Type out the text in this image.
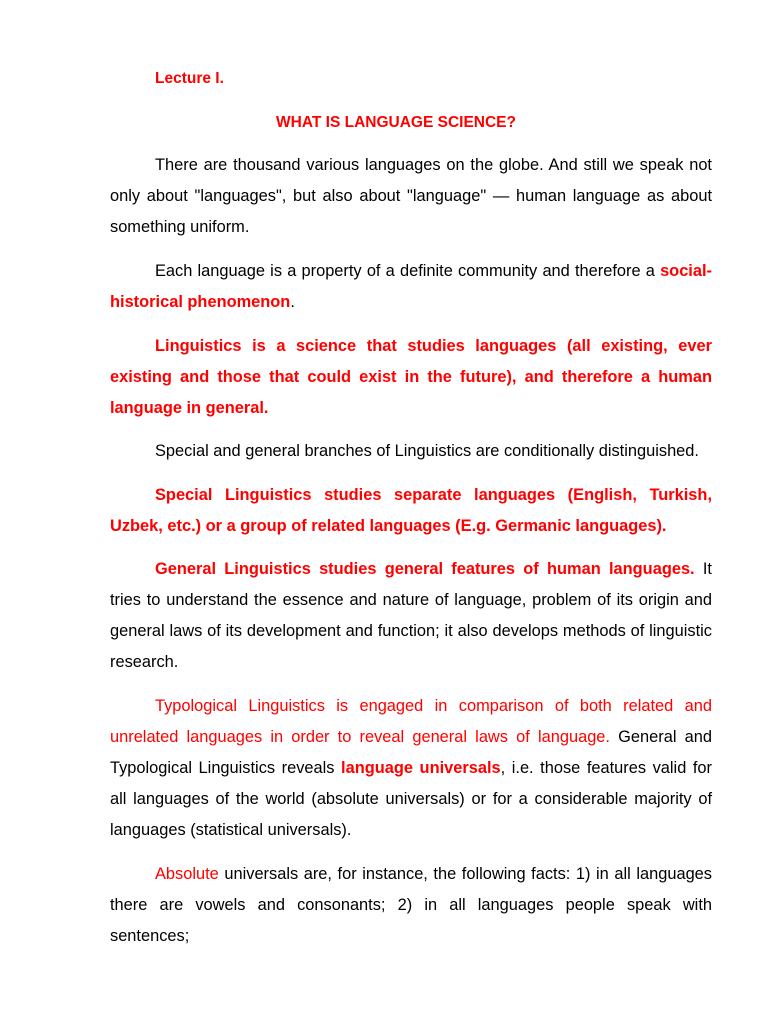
Lecture I.

WHAT IS LANGUAGE SCIENCE?

There are thousand various languages on the globe. And still we speak not only about "languages", but also about "language" — human language as about something uniform.

Each language is a property of a definite community and therefore a social-historical phenomenon.

Linguistics is a science that studies languages (all existing, ever existing and those that could exist in the future), and therefore a human language in general.

Special and general branches of Linguistics are conditionally distinguished.

Special Linguistics studies separate languages (English, Turkish, Uzbek, etc.) or a group of related languages (E.g. Germanic languages).

General Linguistics studies general features of human languages. It tries to understand the essence and nature of language, problem of its origin and general laws of its development and function; it also develops methods of linguistic research.

Typological Linguistics is engaged in comparison of both related and unrelated languages in order to reveal general laws of language. General and Typological Linguistics reveals language universals, i.e. those features valid for all languages of the world (absolute universals) or for a considerable majority of languages (statistical universals).

Absolute universals are, for instance, the following facts: 1) in all languages there are vowels and consonants; 2) in all languages people speak with sentences;
